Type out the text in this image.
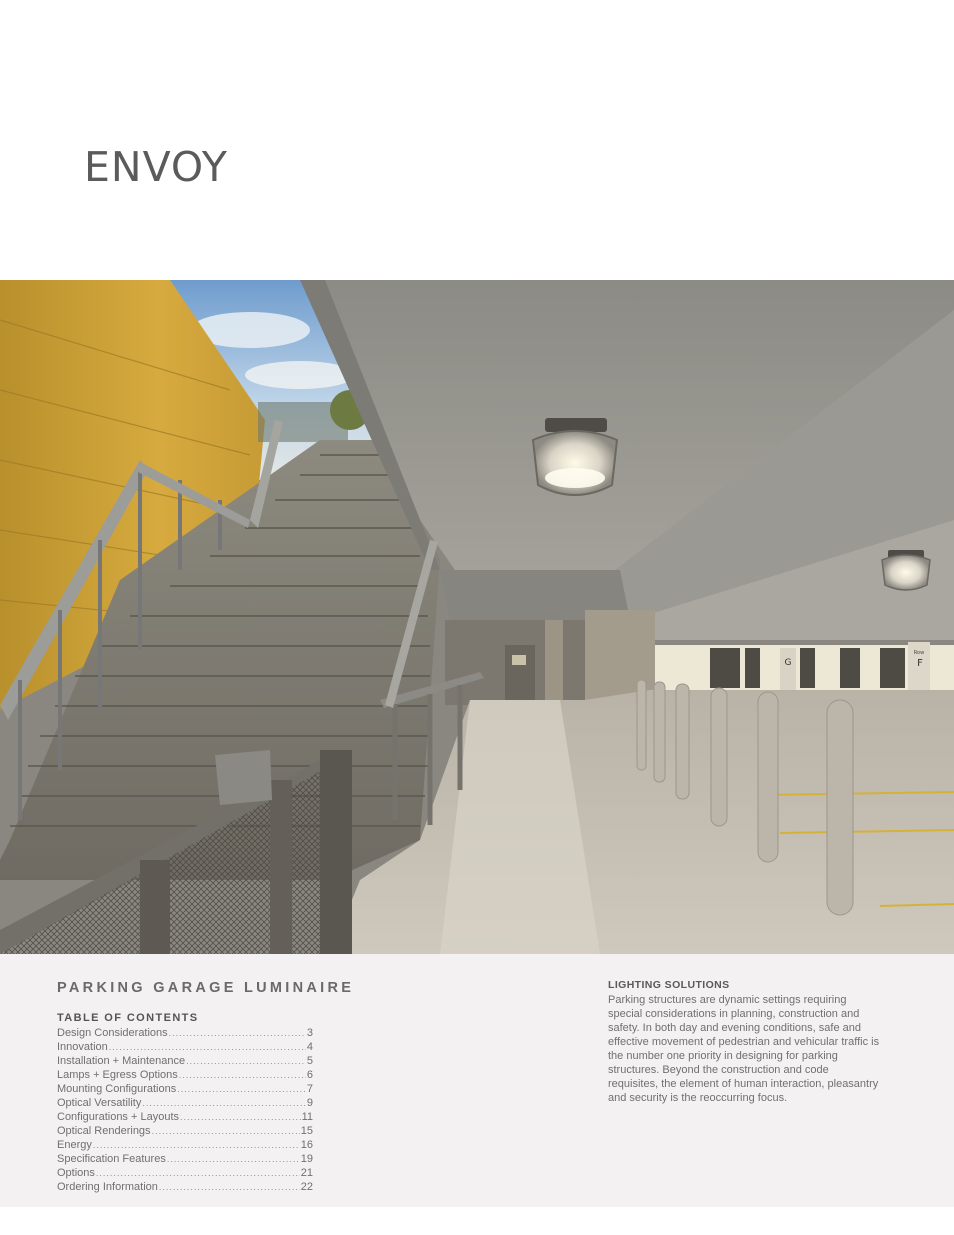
ENVOY
G
Row
F
PARKING GARAGE LUMINAIRE
TABLE OF CONTENTS
Design Considerations .....	3
Innovation .....	4
Installation + Maintenance .....	5
Lamps + Egress Options .....	6
Mounting Configurations .....	7
Optical Versatility .....	9
Configurations + Layouts .....	11
Optical Renderings .....	15
Energy .....	16
Specification Features .....	19
Options .....	21
Ordering Information .....	22
LIGHTING SOLUTIONS

Parking structures are dynamic settings requiring special considerations in planning, construction and safety. In both day and evening conditions, safe and effective movement of pedestrian and vehicular traffic is the number one priority in designing for parking structures. Beyond the construction and code requisites, the element of human interaction, pleasantry and security is the reoccurring focus.
